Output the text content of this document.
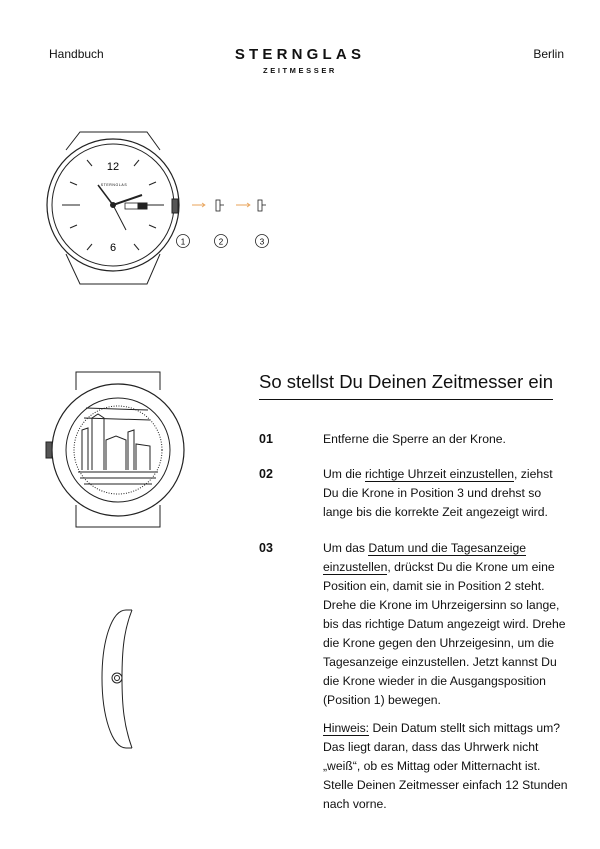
Handbuch	Berlin
STERNGLAS
ZEITMESSER
12
6
STERNGLAS
1	2	3
So stellst Du Deinen Zeitmesser ein
01	Entferne die Sperre an der Krone.
02	Um die richtige Uhrzeit einzustellen, ziehst Du die Krone in Position 3 und drehst so lange bis die korrekte Zeit angezeigt wird.
03	Um das Datum und die Tagesanzeige einzustellen, drückst Du die Krone um eine Position ein, damit sie in Position 2 steht. Drehe die Krone im Uhrzeigersinn so lange, bis das richtige Datum angezeigt wird. Drehe die Krone gegen den Uhrzeigesinn, um die Tagesanzeige einzustellen. Jetzt kannst Du die Krone wieder in die Ausgangsposition (Position 1) bewegen.
Hinweis: Dein Datum stellt sich mittags um? Das liegt daran, dass das Uhrwerk nicht „weiß“, ob es Mittag oder Mitternacht ist. Stelle Deinen Zeitmesser einfach 12 Stunden nach vorne.
